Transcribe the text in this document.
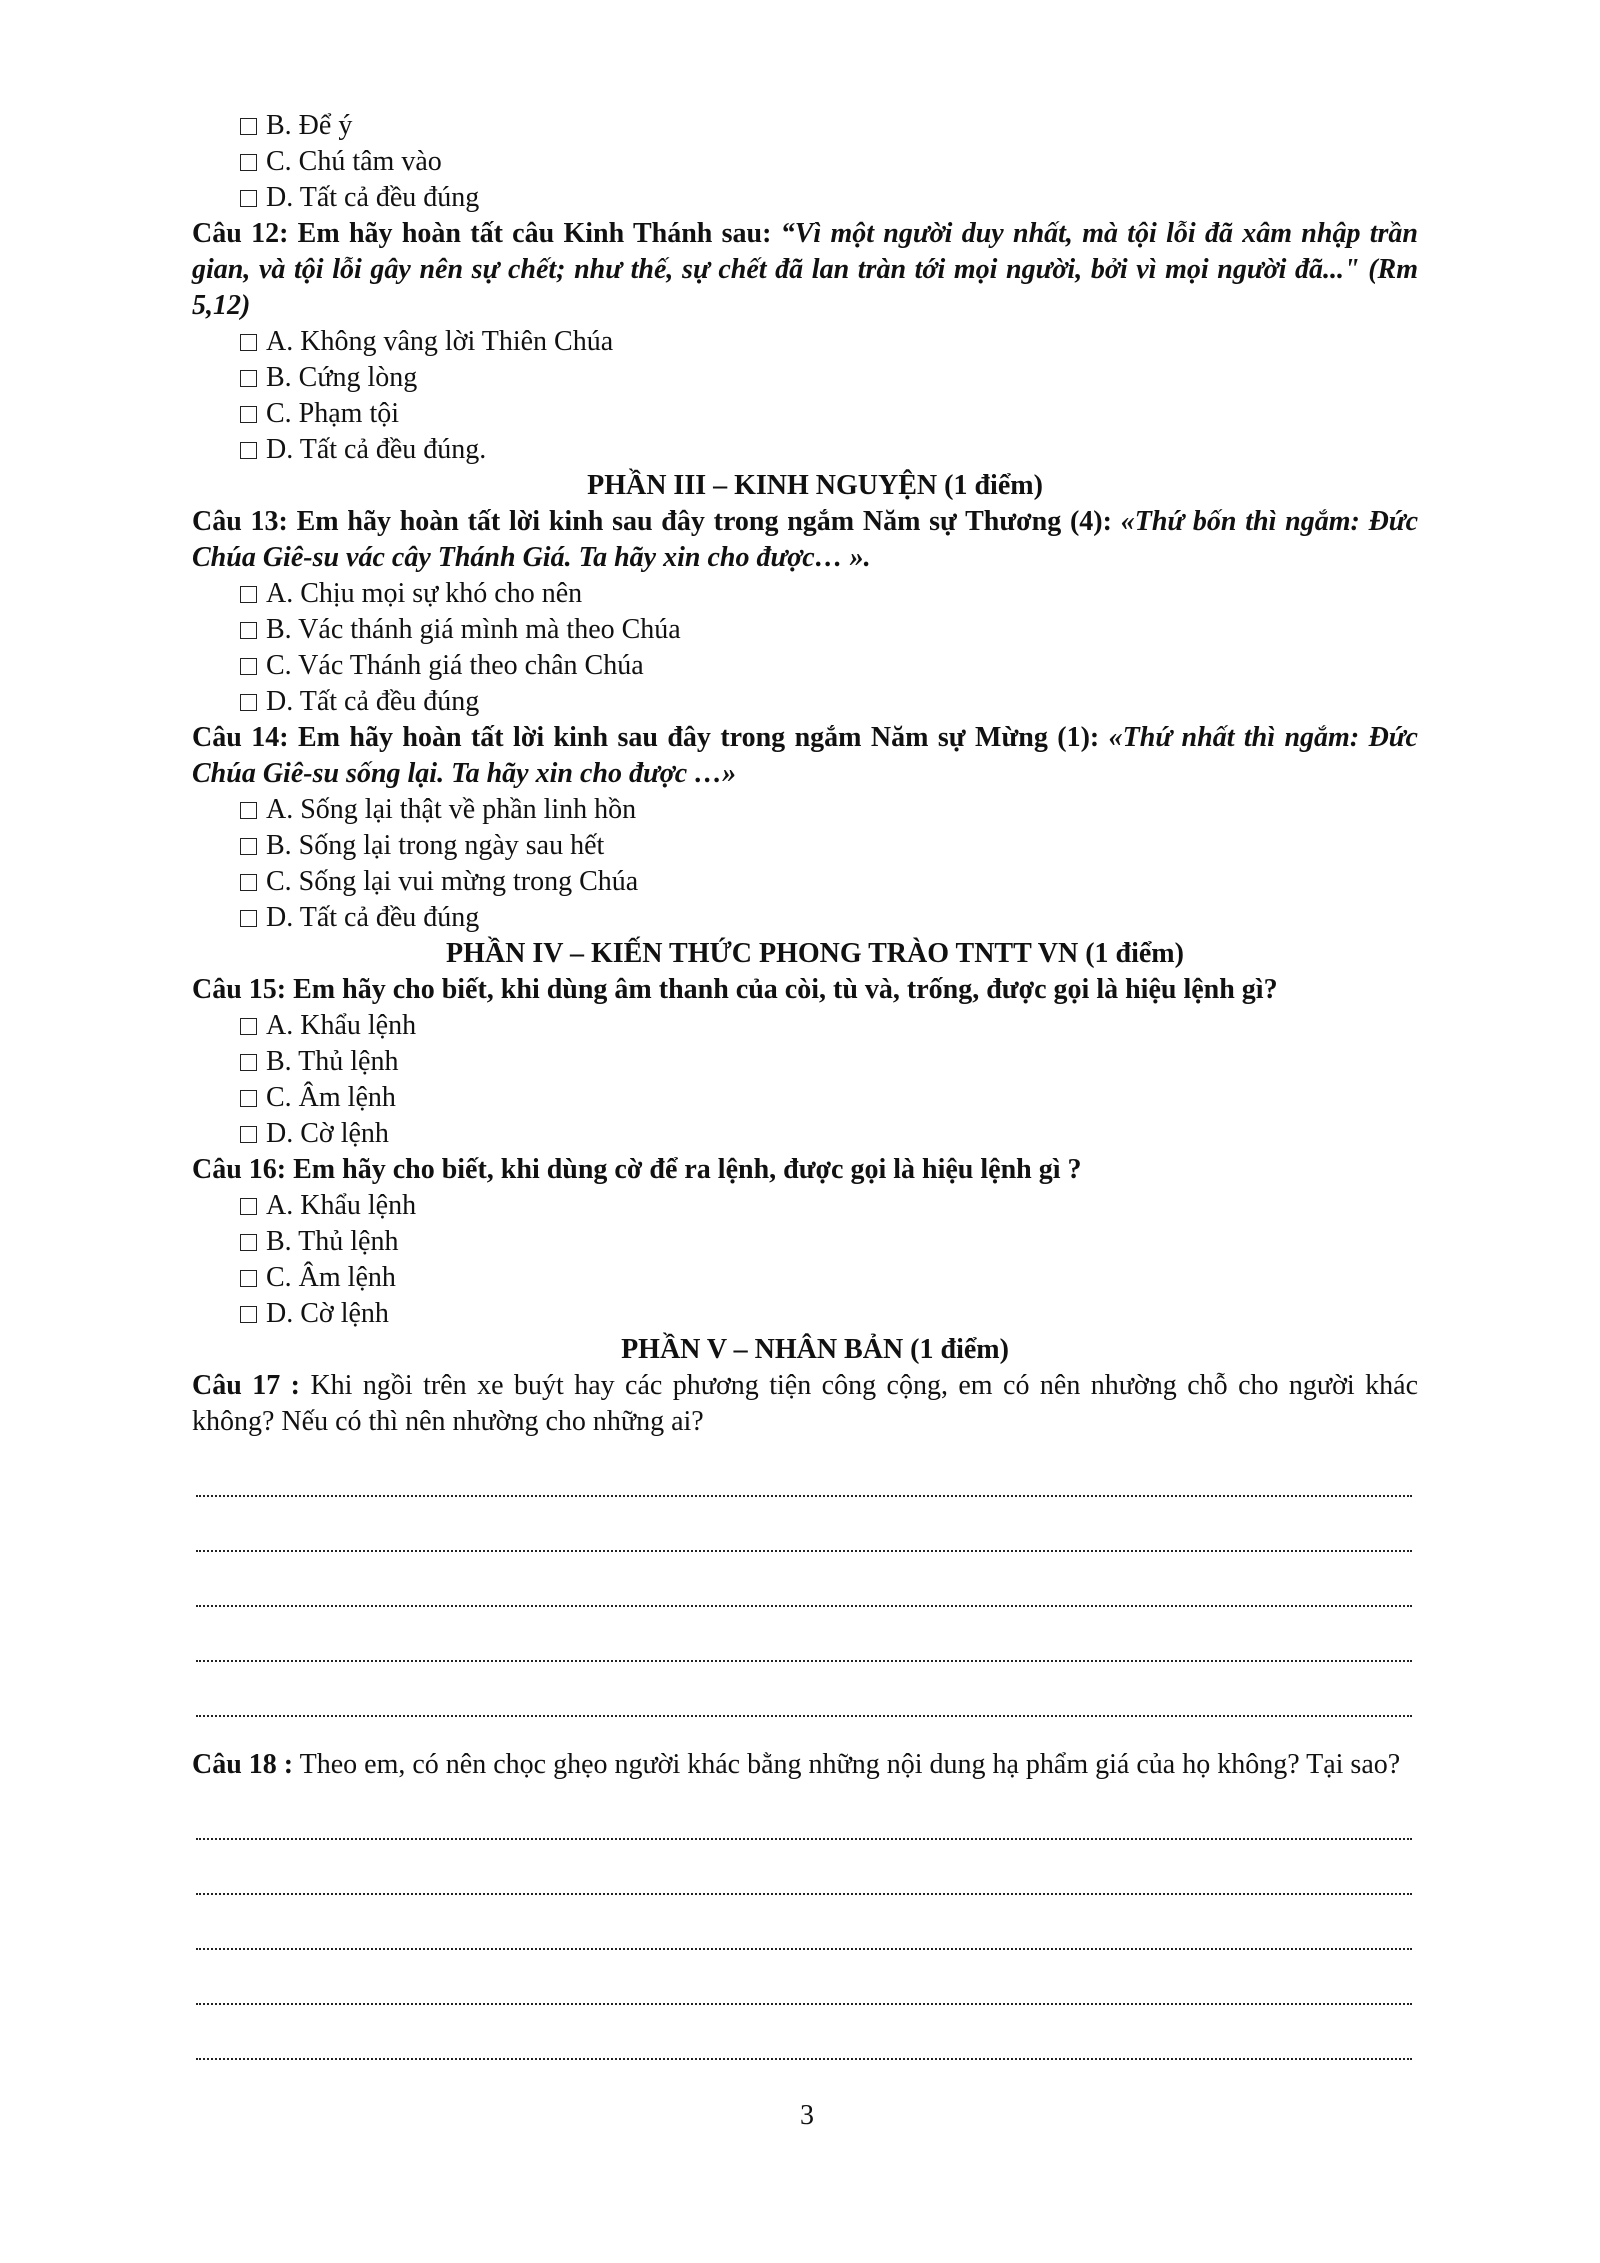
B. Để ý
C. Chú tâm vào
D. Tất cả đều đúng
Câu 12: Em hãy hoàn tất câu Kinh Thánh sau: “Vì một người duy nhất, mà tội lỗi đã xâm nhập trần gian, và tội lỗi gây nên sự chết; như thế, sự chết đã lan tràn tới mọi người, bởi vì mọi người đã..." (Rm 5,12)
A. Không vâng lời Thiên Chúa
B. Cứng lòng
C. Phạm tội
D. Tất cả đều đúng.
PHẦN III – KINH NGUYỆN (1 điểm)
Câu 13: Em hãy hoàn tất lời kinh sau đây trong ngắm Năm sự Thương (4): «Thứ bốn thì ngắm: Đức Chúa Giê-su vác cây Thánh Giá. Ta hãy xin cho được… ».
A. Chịu mọi sự khó cho nên
B. Vác thánh giá mình mà theo Chúa
C. Vác Thánh giá theo chân Chúa
D. Tất cả đều đúng
Câu 14: Em hãy hoàn tất lời kinh sau đây trong ngắm Năm sự Mừng (1): «Thứ nhất thì ngắm: Đức Chúa Giê-su sống lại. Ta hãy xin cho được …»
A. Sống lại thật về phần linh hồn
B. Sống lại trong ngày sau hết
C. Sống lại vui mừng trong Chúa
D. Tất cả đều đúng
PHẦN IV – KIẾN THỨC PHONG TRÀO TNTT VN (1 điểm)
Câu 15: Em hãy cho biết, khi dùng âm thanh của còi, tù và, trống, được gọi là hiệu lệnh gì?
A. Khẩu lệnh
B. Thủ lệnh
C. Âm lệnh
D. Cờ lệnh
Câu 16: Em hãy cho biết, khi dùng cờ để ra lệnh, được gọi là hiệu lệnh gì ?
A. Khẩu lệnh
B. Thủ lệnh
C. Âm lệnh
D. Cờ lệnh
PHẦN V – NHÂN BẢN (1 điểm)
Câu 17 : Khi ngồi trên xe buýt hay các phương tiện công cộng, em có nên nhường chỗ cho người khác không? Nếu có thì nên nhường cho những ai?
Câu 18 : Theo em, có nên chọc ghẹo người khác bằng những nội dung hạ phẩm giá của họ không? Tại sao?
3
